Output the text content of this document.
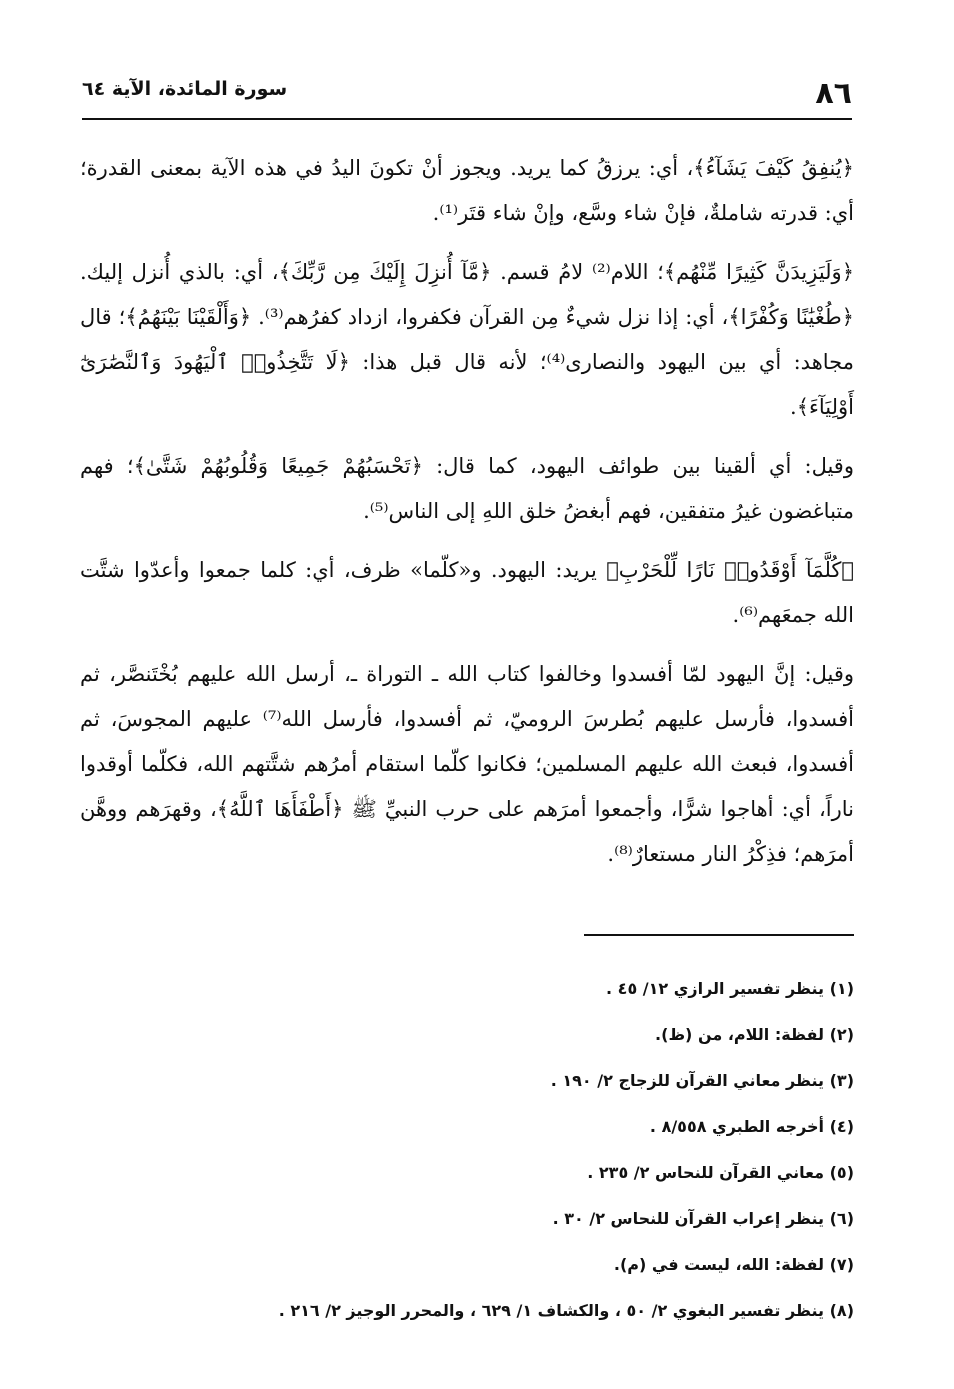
٨٦
سورة المائدة، الآية ٦٤

﴿يُنفِقُ كَيْفَ يَشَآءُ﴾، أي: يرزقُ كما يريد. ويجوز أنْ تكونَ اليدُ في هذه الآية بمعنى القدرة؛ أي: قدرته شاملةٌ، فإنْ شاء وسَّع، وإنْ شاء قتَر⁽¹⁾.

﴿وَلَيَزِيدَنَّ كَثِيرًا مِّنْهُم﴾؛ اللام⁽²⁾ لامُ قسم. ﴿مَّآ أُنزِلَ إِلَيْكَ مِن رَّبِّكَ﴾، أي: بالذي أُنزل إليك. ﴿طُغْيَٰنًا وَكُفْرًا﴾، أي: إذا نزل شيءٌ مِن القرآن فكفروا، ازداد كفرُهم⁽³⁾. ﴿وَأَلْقَيْنَا بَيْنَهُمُ﴾؛ قال مجاهد: أي بين اليهود والنصارى⁽⁴⁾؛ لأنه قال قبل هذا: ﴿لَا تَتَّخِذُوا۟ ٱلْيَهُودَ وَٱلنَّصَٰرَىٰٓ أَوْلِيَآءَ﴾.

وقيل: أي ألقينا بين طوائف اليهود، كما قال: ﴿تَحْسَبُهُمْ جَمِيعًا وَقُلُوبُهُمْ شَتَّىٰ﴾؛ فهم متباغضون غيرُ متفقين، فهم أبغضُ خلق اللهِ إلى الناس⁽⁵⁾.

﴿كُلَّمَآ أَوْقَدُوا۟ نَارًا لِّلْحَرْبِ﴾ يريد: اليهود. و«كلّما» ظرف، أي: كلما جمعوا وأعدّوا شتَّت الله جمعَهم⁽⁶⁾.

وقيل: إنَّ اليهود لمّا أفسدوا وخالفوا كتاب الله ـ التوراة ـ، أرسل الله عليهم بُخْتَنصَّر، ثم أفسدوا، فأرسل عليهم بُطرسَ الروميّ، ثم أفسدوا، فأرسل الله⁽⁷⁾ عليهم المجوسَ، ثم أفسدوا، فبعث الله عليهم المسلمين؛ فكانوا كلّما استقام أمرُهم شتَّتهم الله، فكلّما أوقدوا ناراً، أي: أهاجوا شرًّا، وأجمعوا أمرَهم على حرب النبيِّ ﷺ ﴿أَطْفَأَهَا ٱللَّهُ﴾، وقهرَهم ووهَّن أمرَهم؛ فذِكْرُ النار مستعارٌ⁽⁸⁾.

(١) ينظر تفسير الرازي ١٢/ ٤٥ .
(٢) لفظة: اللام، من (ظ).
(٣) ينظر معاني القرآن للزجاج ٢/ ١٩٠ .
(٤) أخرجه الطبري ٨/٥٥٨ .
(٥) معاني القرآن للنحاس ٢/ ٢٣٥ .
(٦) ينظر إعراب القرآن للنحاس ٢/ ٣٠ .
(٧) لفظة: الله، ليست في (م).
(٨) ينظر تفسير البغوي ٢/ ٥٠ ، والكشاف ١/ ٦٢٩ ، والمحرر الوجيز ٢/ ٢١٦ .
